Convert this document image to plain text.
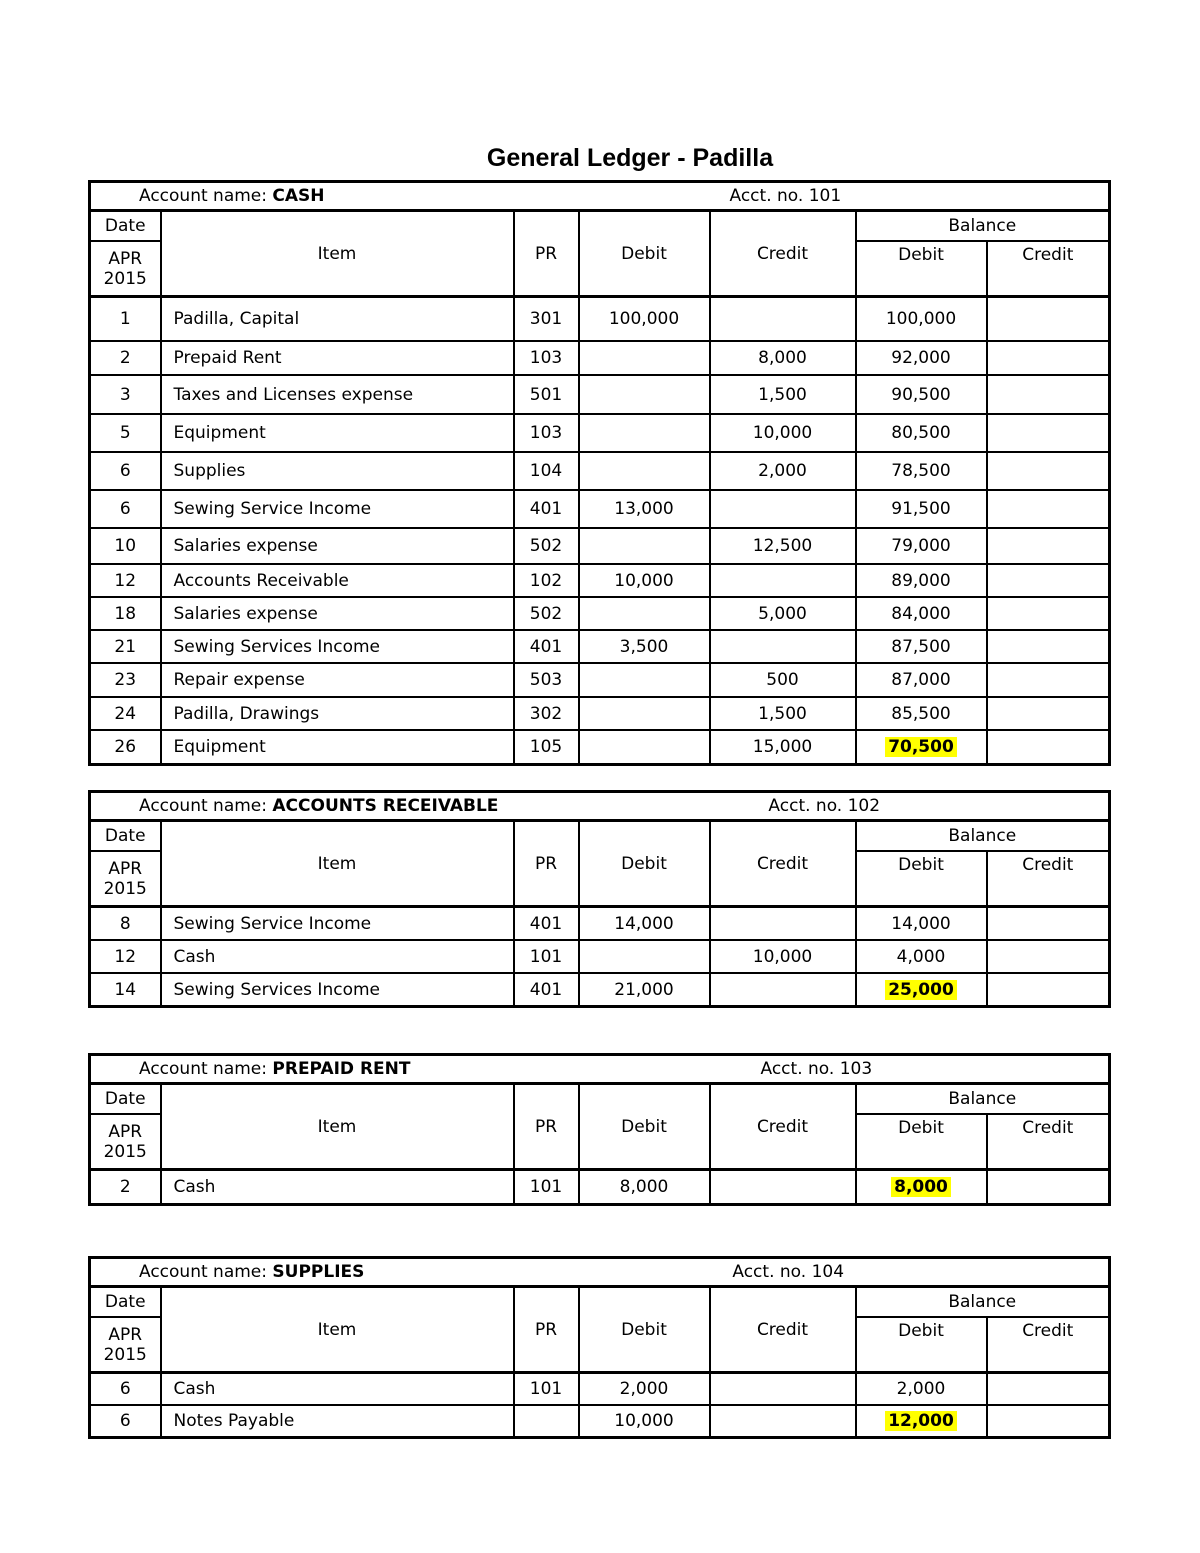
General Ledger - Padilla
Account name: CASH Acct. no. 101						

Date	Item	PR	Debit	Credit	Balance	

APR
2015					Debit	Credit
1	Padilla, Capital	301	100,000		100,000	
2	Prepaid Rent	103		8,000	92,000	
3	Taxes and Licenses expense	501		1,500	90,500	
5	Equipment	103		10,000	80,500	
6	Supplies	104		2,000	78,500	
6	Sewing Service Income	401	13,000		91,500	
10	Salaries expense	502		12,500	79,000	
12	Accounts Receivable	102	10,000		89,000	
18	Salaries expense	502		5,000	84,000	
21	Sewing Services Income	401	3,500		87,500	
23	Repair expense	503		500	87,000	
24	Padilla, Drawings	302		1,500	85,500	
26	Equipment	105		15,000	70,500	
Account name: ACCOUNTS RECEIVABLE Acct. no. 102						

Date	Item	PR	Debit	Credit	Balance	

APR
2015					Debit	Credit
8	Sewing Service Income	401	14,000		14,000	
12	Cash	101		10,000	4,000	
14	Sewing Services Income	401	21,000		25,000	
Account name: PREPAID RENT Acct. no. 103						

Date	Item	PR	Debit	Credit	Balance	

APR
2015					Debit	Credit
2	Cash	101	8,000		8,000	
Account name: SUPPLIES Acct. no. 104						

Date	Item	PR	Debit	Credit	Balance	

APR
2015					Debit	Credit
6	Cash	101	2,000		2,000	
6	Notes Payable		10,000		12,000	
